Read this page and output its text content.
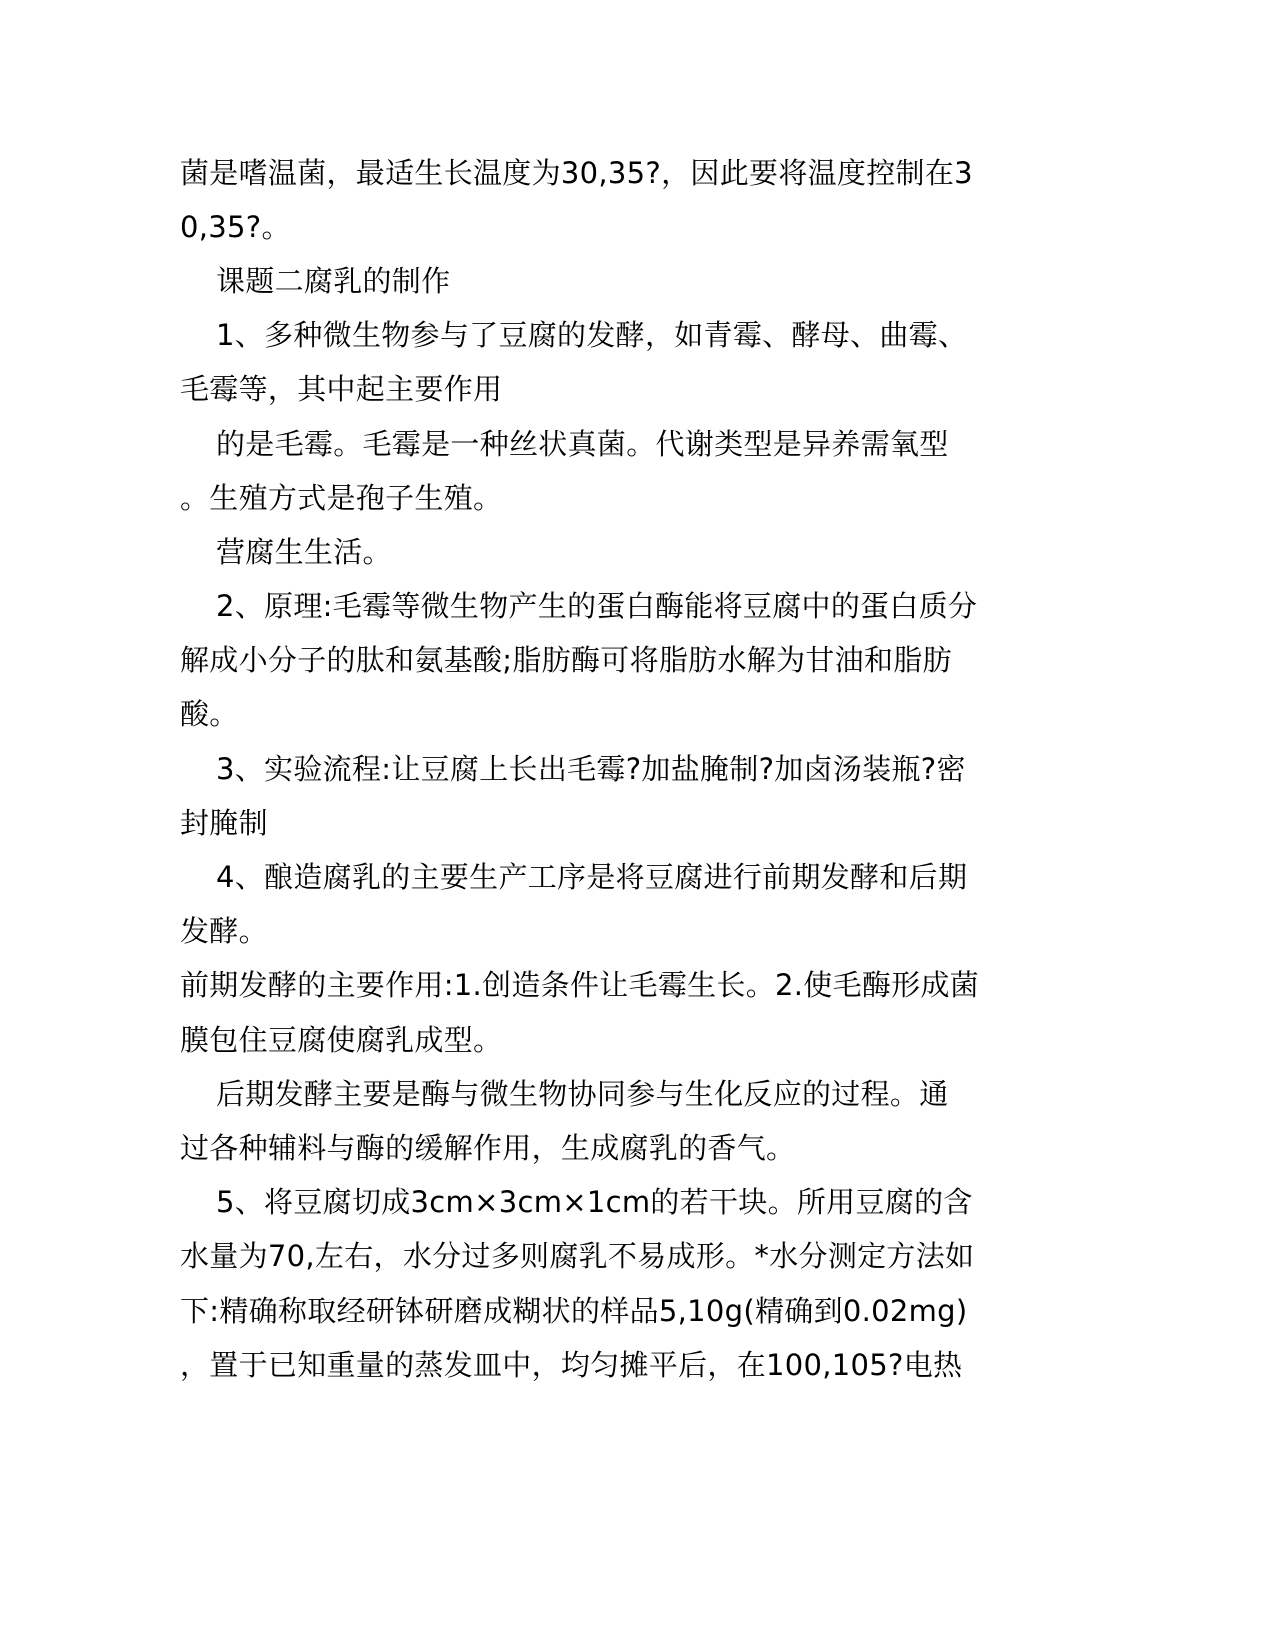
菌是嗜温菌，最适生长温度为30,35?，因此要将温度控制在3

0,35?。

课题二腐乳的制作

1、多种微生物参与了豆腐的发酵，如青霉、酵母、曲霉、

毛霉等，其中起主要作用

的是毛霉。毛霉是一种丝状真菌。代谢类型是异养需氧型

。生殖方式是孢子生殖。

营腐生生活。

2、原理:毛霉等微生物产生的蛋白酶能将豆腐中的蛋白质分

解成小分子的肽和氨基酸;脂肪酶可将脂肪水解为甘油和脂肪

酸。

3、实验流程:让豆腐上长出毛霉?加盐腌制?加卤汤装瓶?密

封腌制

4、酿造腐乳的主要生产工序是将豆腐进行前期发酵和后期

发酵。

前期发酵的主要作用:1.创造条件让毛霉生长。2.使毛酶形成菌

膜包住豆腐使腐乳成型。

后期发酵主要是酶与微生物协同参与生化反应的过程。通

过各种辅料与酶的缓解作用，生成腐乳的香气。

5、将豆腐切成3cm×3cm×1cm的若干块。所用豆腐的含

水量为70,左右，水分过多则腐乳不易成形。*水分测定方法如

下:精确称取经研钵研磨成糊状的样品5,10g(精确到0.02mg)

，置于已知重量的蒸发皿中，均匀摊平后，在100,105?电热
